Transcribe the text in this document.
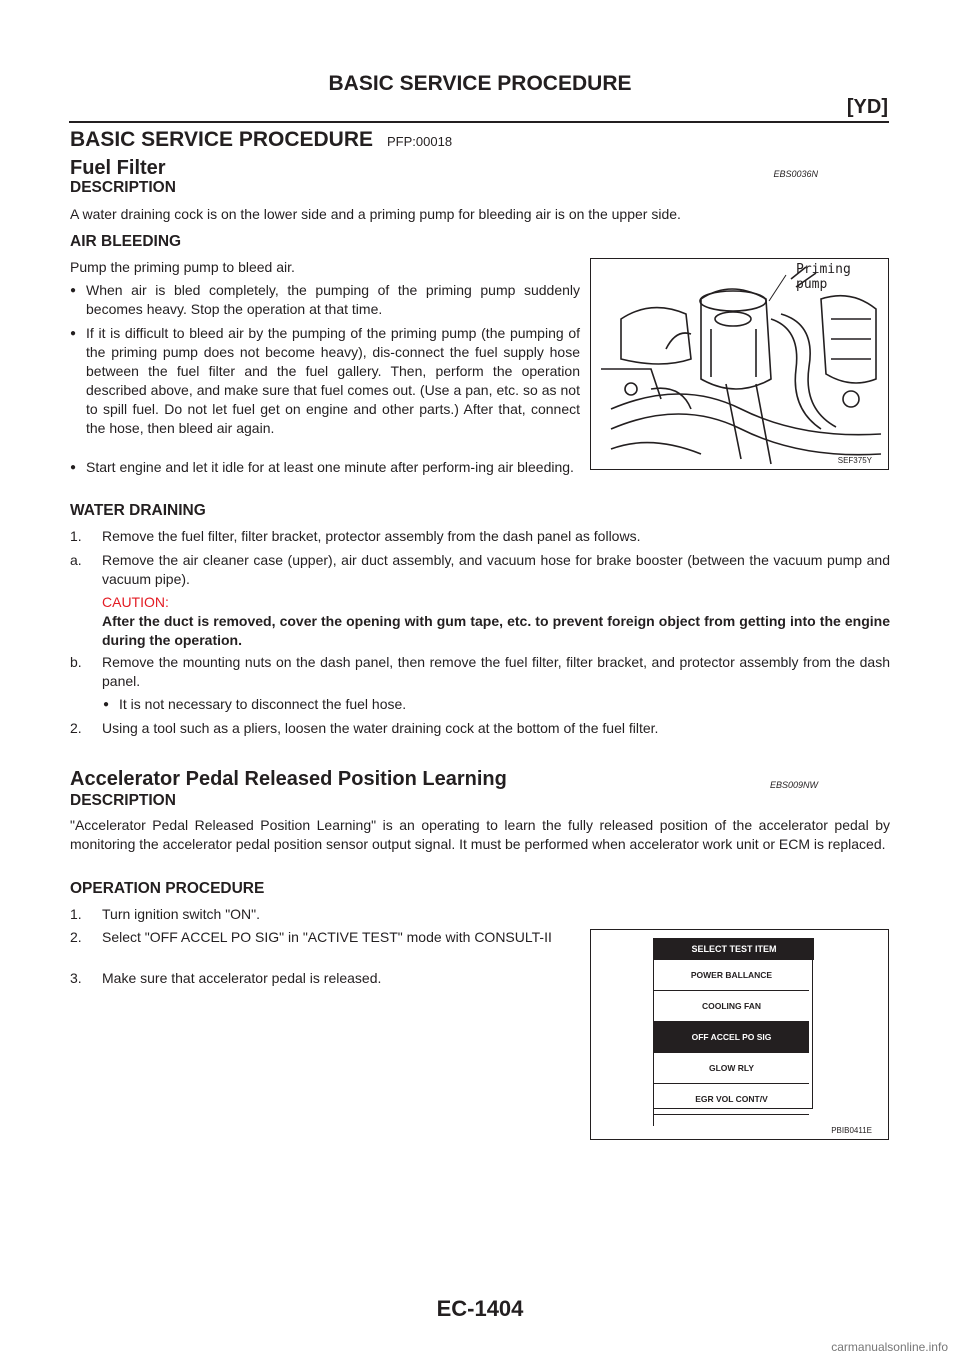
BASIC SERVICE PROCEDURE
[YD]
BASIC SERVICE PROCEDURE PFP:00018
Fuel Filter	EBS0036N
DESCRIPTION
A water draining cock is on the lower side and a priming pump for bleeding air is on the upper side.
AIR BLEEDING
Pump the priming pump to bleed air.
● When air is bled completely, the pumping of the priming pump suddenly becomes heavy. Stop the operation at that time.
● If it is difficult to bleed air by the pumping of the priming pump (the pumping of the priming pump does not become heavy), dis-connect the fuel supply hose between the fuel filter and the fuel gallery. Then, perform the operation described above, and make sure that fuel comes out. (Use a pan, etc. so as not to spill fuel. Do not let fuel get on engine and other parts.) After that, connect the hose, then bleed air again.
● Start engine and let it idle for at least one minute after perform-ing air bleeding.
Priming pump
SEF375Y
WATER DRAINING
1. Remove the fuel filter, filter bracket, protector assembly from the dash panel as follows.
a. Remove the air cleaner case (upper), air duct assembly, and vacuum hose for brake booster (between the vacuum pump and vacuum pipe).
CAUTION:
After the duct is removed, cover the opening with gum tape, etc. to prevent foreign object from getting into the engine during the operation.
b. Remove the mounting nuts on the dash panel, then remove the fuel filter, filter bracket, and protector assembly from the dash panel.
● It is not necessary to disconnect the fuel hose.
2. Using a tool such as a pliers, loosen the water draining cock at the bottom of the fuel filter.
Accelerator Pedal Released Position Learning	EBS009NW
DESCRIPTION
"Accelerator Pedal Released Position Learning" is an operating to learn the fully released position of the accelerator pedal by monitoring the accelerator pedal position sensor output signal. It must be performed when accelerator work unit or ECM is replaced.
OPERATION PROCEDURE
1. Turn ignition switch "ON".
2. Select "OFF ACCEL PO SIG" in "ACTIVE TEST" mode with CONSULT-II
3. Make sure that accelerator pedal is released.
SELECT TEST ITEM
POWER BALLANCE
COOLING FAN
OFF ACCEL PO SIG
GLOW RLY
EGR VOL CONT/V
PBIB0411E
EC-1404
carmanualsonline.info
